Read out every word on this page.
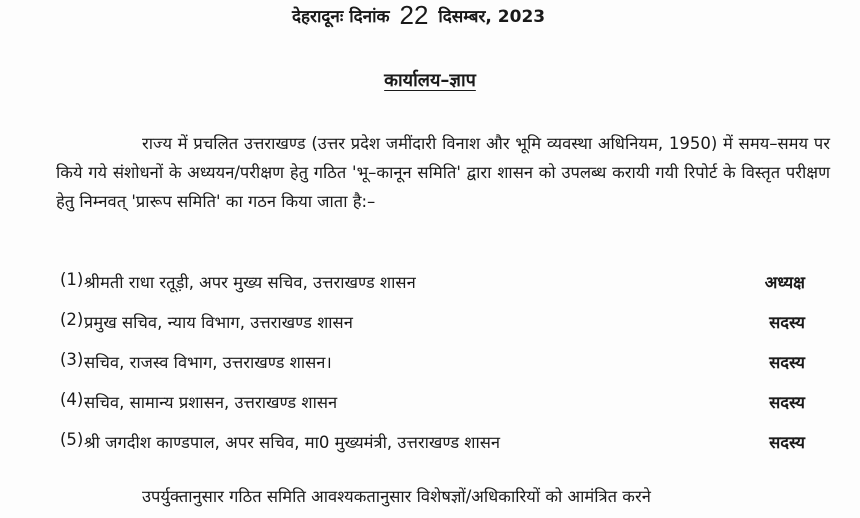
देहरादूनः दिनांक 22 दिसम्बर, 2023
कार्यालय–ज्ञाप
राज्य में प्रचलित उत्तराखण्ड (उत्तर प्रदेश जमींदारी विनाश और भूमि व्यवस्था अधिनियम, 1950) में समय–समय पर किये गये संशोधनों के अध्ययन/परीक्षण हेतु गठित 'भू–कानून समिति' द्वारा शासन को उपलब्ध करायी गयी रिपोर्ट के विस्तृत परीक्षण हेतु निम्नवत् 'प्रारूप समिति' का गठन किया जाता है:–
(1) श्रीमती राधा रतूड़ी, अपर मुख्य सचिव, उत्तराखण्ड शासन	अध्यक्ष
(2) प्रमुख सचिव, न्याय विभाग, उत्तराखण्ड शासन	सदस्य
(3) सचिव, राजस्व विभाग, उत्तराखण्ड शासन।	सदस्य
(4) सचिव, सामान्य प्रशासन, उत्तराखण्ड शासन	सदस्य
(5) श्री जगदीश काण्डपाल, अपर सचिव, मा0 मुख्यमंत्री, उत्तराखण्ड शासन	सदस्य
उपर्युक्तानुसार गठित समिति आवश्यकतानुसार विशेषज्ञों/अधिकारियों को आमंत्रित करने
